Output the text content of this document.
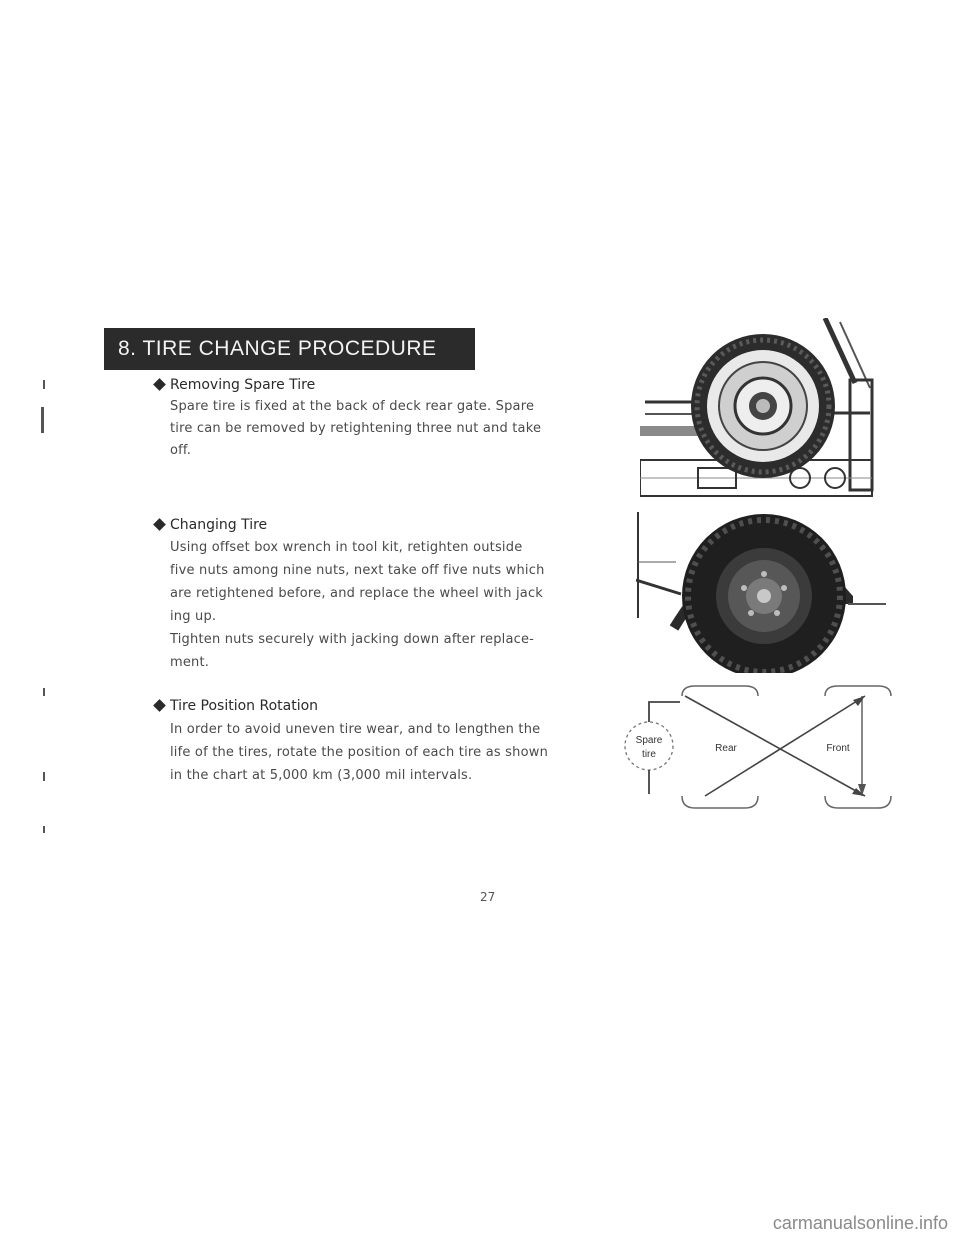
8. TIRE CHANGE PROCEDURE
Removing Spare Tire
Spare tire is fixed at the back of deck rear gate. Spare
tire can be removed by retightening three nut and take
off.
Changing Tire
Using offset box wrench in tool kit, retighten outside
five nuts among nine nuts, next take off five nuts which
are retightened before, and replace the wheel with jack
ing up.
Tighten nuts securely with jacking down after replace-
ment.
Tire Position Rotation
In order to avoid uneven tire wear, and to lengthen the
life of the tires, rotate the position of each tire as shown
in the chart at 5,000 km (3,000 mil intervals.
Spare
tire
Rear	Front
27
carmanualsonline.info
